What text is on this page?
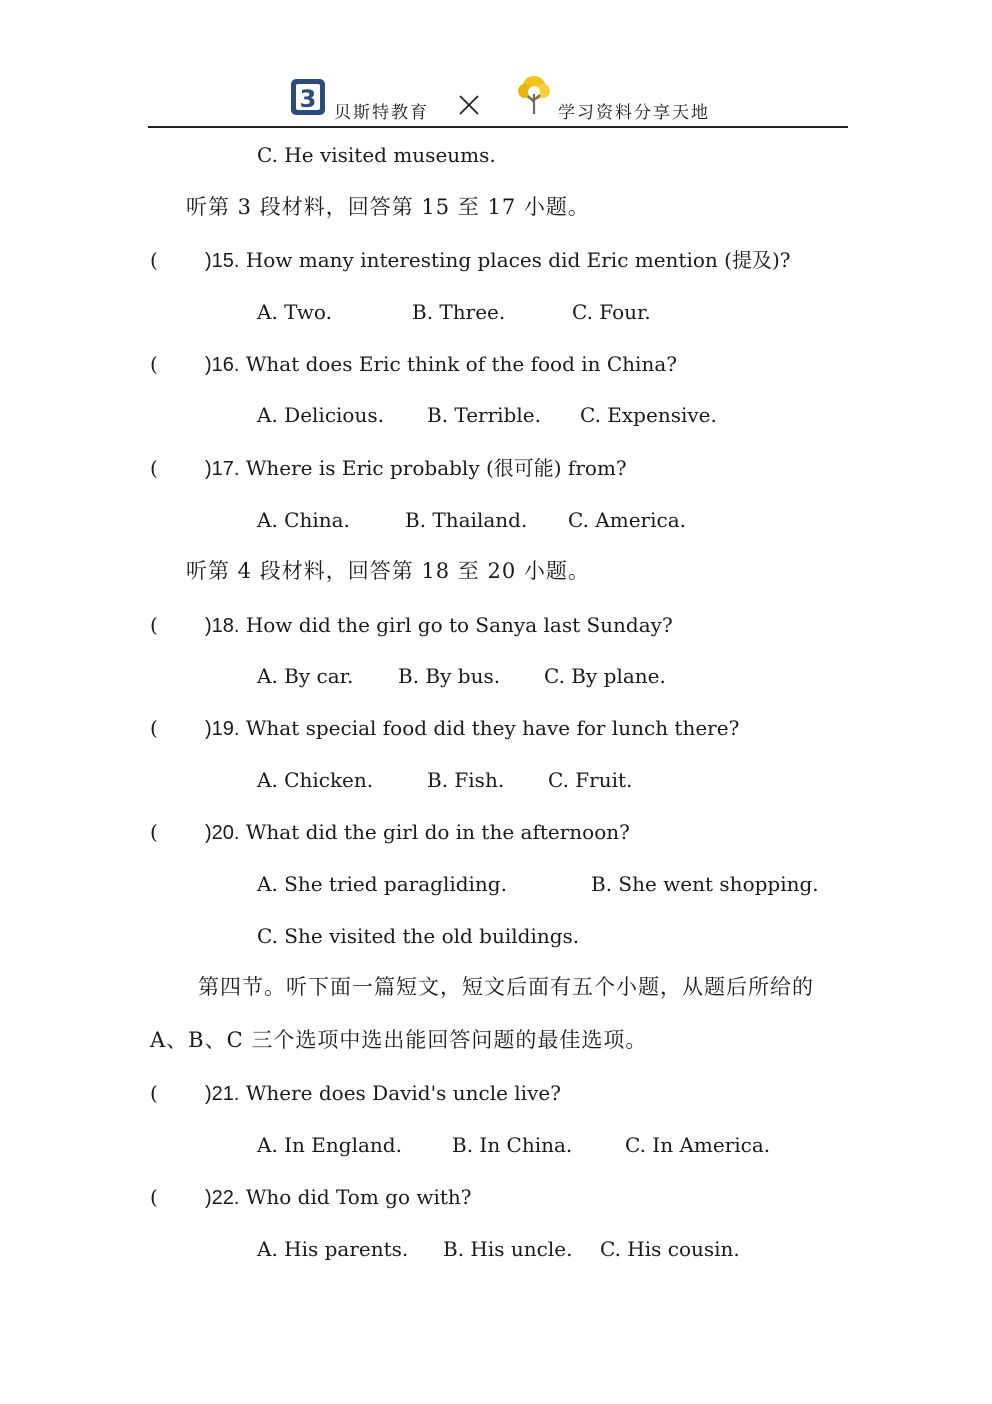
3 贝斯特教育	学习资料分享天地
C. He visited museums.
听第 3 段材料，回答第 15 至 17 小题。
( )15. How many interesting places did Eric mention (提及)?
A. Two.	B. Three.	C. Four.
( )16. What does Eric think of the food in China?
A. Delicious. B. Terrible. C. Expensive.
( )17. Where is Eric probably (很可能) from?
A. China.	B. Thailand. C. America.
听第 4 段材料，回答第 18 至 20 小题。
( )18. How did the girl go to Sanya last Sunday?
A. By car. B. By bus. C. By plane.
( )19. What special food did they have for lunch there?
A. Chicken.	B. Fish. C. Fruit.
( )20. What did the girl do in the afternoon?
A. She tried paragliding.	B. She went shopping.
C. She visited the old buildings.
第四节。听下面一篇短文，短文后面有五个小题，从题后所给的
A、B、C 三个选项中选出能回答问题的最佳选项。
( )21. Where does David's uncle live?
A. In England.	B. In China.	C. In America.
( )22. Who did Tom go with?
A. His parents. B. His uncle. C. His cousin.
